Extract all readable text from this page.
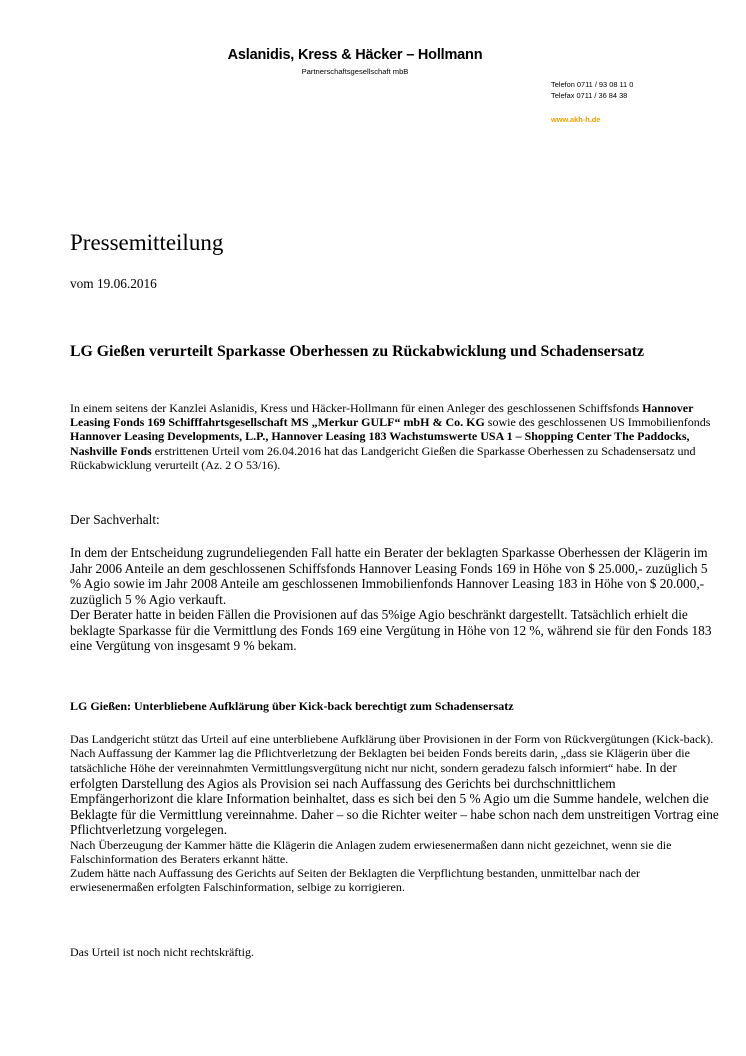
Aslanidis, Kress & Häcker – Hollmann
Partnerschaftsgesellschaft mbB
Telefon 0711 / 93 08 11 0
Telefax 0711 / 36 84 38
www.akh-h.de
Pressemitteilung
vom 19.06.2016
LG Gießen verurteilt Sparkasse Oberhessen zu Rückabwicklung und Schadensersatz

In einem seitens der Kanzlei Aslanidis, Kress und Häcker-Hollmann für einen Anleger des geschlossenen Schiffsfonds Hannover Leasing Fonds 169 Schifffahrtsgesellschaft MS „Merkur GULF“ mbH & Co. KG sowie des geschlossenen US Immobilienfonds Hannover Leasing Developments, L.P., Hannover Leasing 183 Wachstumswerte USA 1 – Shopping Center The Paddocks, Nashville Fonds erstrittenen Urteil vom 26.04.2016 hat das Landgericht Gießen die Sparkasse Oberhessen zu Schadensersatz und Rückabwicklung verurteilt (Az. 2 O 53/16).

Der Sachverhalt:

In dem der Entscheidung zugrundeliegenden Fall hatte ein Berater der beklagten Sparkasse Oberhessen der Klägerin im Jahr 2006 Anteile an dem geschlossenen Schiffsfonds Hannover Leasing Fonds 169 in Höhe von $ 25.000,- zuzüglich 5 % Agio sowie im Jahr 2008 Anteile am geschlossenen Immobilienfonds Hannover Leasing 183 in Höhe von $ 20.000,- zuzüglich 5 % Agio verkauft.

Der Berater hatte in beiden Fällen die Provisionen auf das 5%ige Agio beschränkt dargestellt. Tatsächlich erhielt die beklagte Sparkasse für die Vermittlung des Fonds 169 eine Vergütung in Höhe von 12 %, während sie für den Fonds 183 eine Vergütung von insgesamt 9 % bekam.

LG Gießen: Unterbliebene Aufklärung über Kick-back berechtigt zum Schadensersatz

Das Landgericht stützt das Urteil auf eine unterbliebene Aufklärung über Provisionen in der Form von Rückvergütungen (Kick-back).

Nach Auffassung der Kammer lag die Pflichtverletzung der Beklagten bei beiden Fonds bereits darin, „dass sie Klägerin über die tatsächliche Höhe der vereinnahmten Vermittlungsvergütung nicht nur nicht, sondern geradezu falsch informiert“ habe. In der erfolgten Darstellung des Agios als Provision sei nach Auffassung des Gerichts bei durchschnittlichem Empfängerhorizont die klare Information beinhaltet, dass es sich bei den 5 % Agio um die Summe handele, welchen die Beklagte für die Vermittlung vereinnahme. Daher – so die Richter weiter – habe schon nach dem unstreitigen Vortrag eine Pflichtverletzung vorgelegen.

Nach Überzeugung der Kammer hätte die Klägerin die Anlagen zudem erwiesenermaßen dann nicht gezeichnet, wenn sie die Falschinformation des Beraters erkannt hätte.

Zudem hätte nach Auffassung des Gerichts auf Seiten der Beklagten die Verpflichtung bestanden, unmittelbar nach der erwiesenermaßen erfolgten Falschinformation, selbige zu korrigieren.

Das Urteil ist noch nicht rechtskräftig.
